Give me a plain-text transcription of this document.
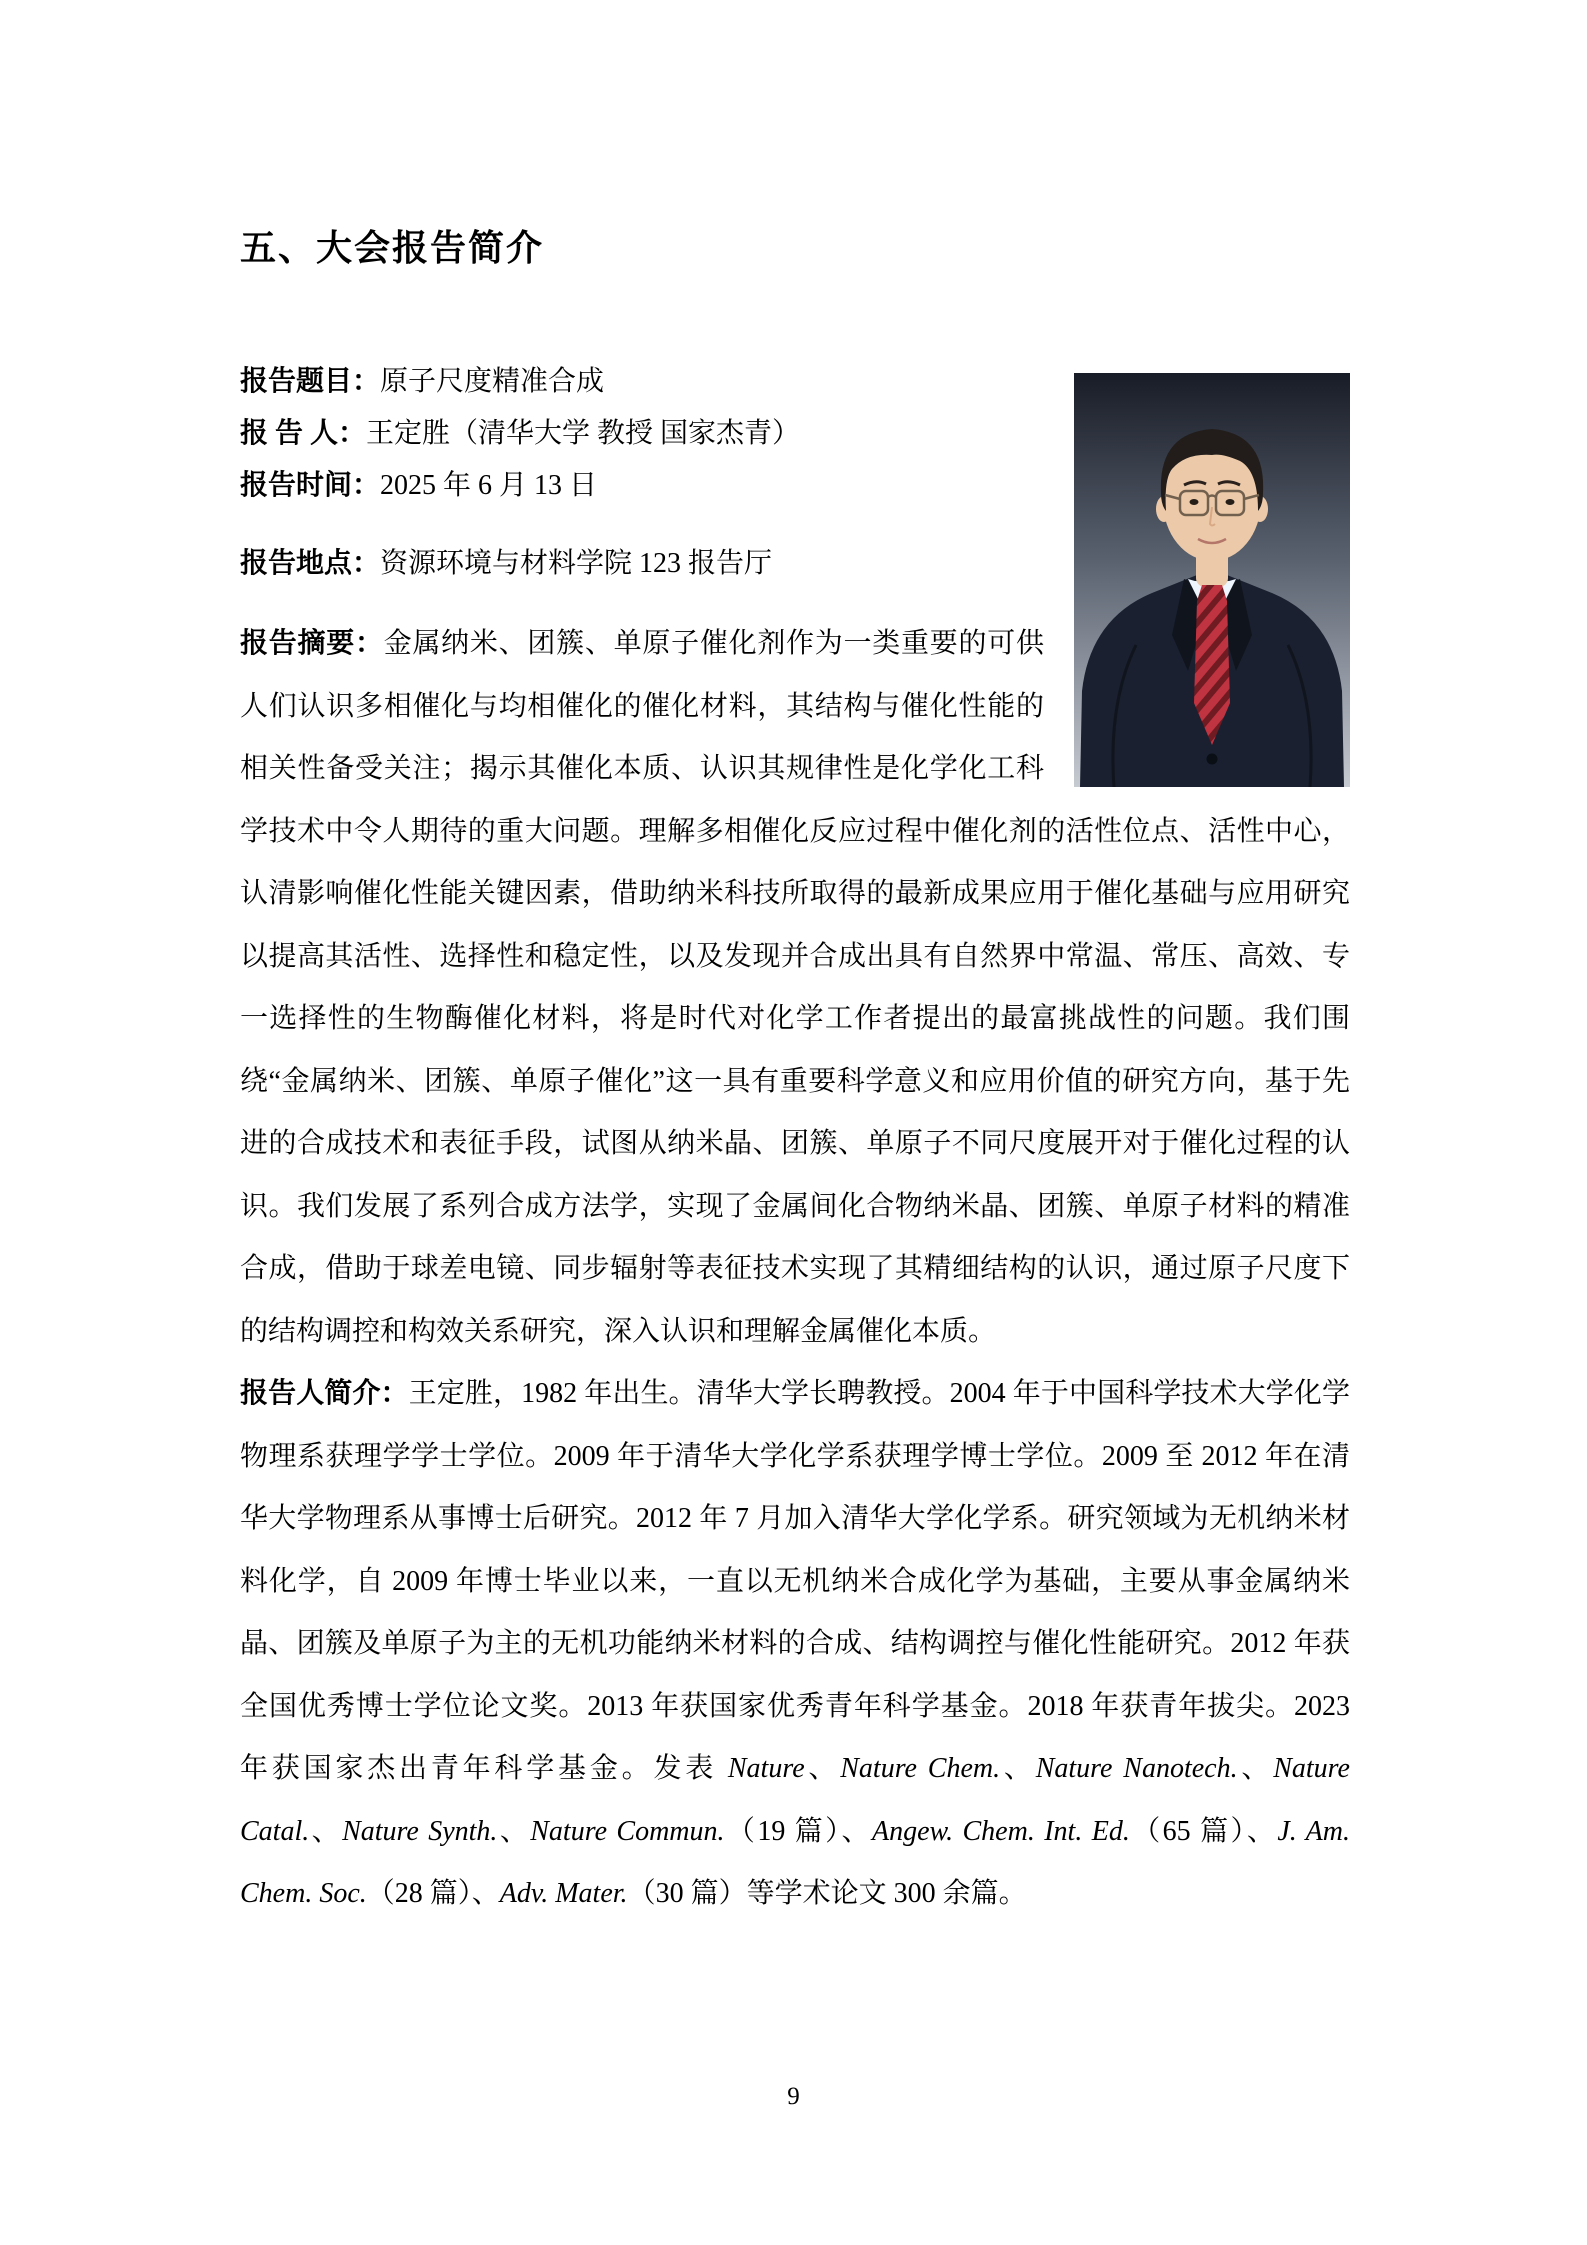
五、大会报告简介

报告题目：原子尺度精准合成

报 告 人：王定胜（清华大学 教授 国家杰青）

报告时间：2025 年 6 月 13 日

报告地点：资源环境与材料学院 123 报告厅

报告摘要：金属纳米、团簇、单原子催化剂作为一类重要的可供人们认识多相催化与均相催化的催化材料，其结构与催化性能的相关性备受关注；揭示其催化本质、认识其规律性是化学化工科学技术中令人期待的重大问题。理解多相催化反应过程中催化剂的活性位点、活性中心，认清影响催化性能关键因素，借助纳米科技所取得的最新成果应用于催化基础与应用研究以提高其活性、选择性和稳定性，以及发现并合成出具有自然界中常温、常压、高效、专一选择性的生物酶催化材料，将是时代对化学工作者提出的最富挑战性的问题。我们围绕“金属纳米、团簇、单原子催化”这一具有重要科学意义和应用价值的研究方向，基于先进的合成技术和表征手段，试图从纳米晶、团簇、单原子不同尺度展开对于催化过程的认识。我们发展了系列合成方法学，实现了金属间化合物纳米晶、团簇、单原子材料的精准合成，借助于球差电镜、同步辐射等表征技术实现了其精细结构的认识，通过原子尺度下的结构调控和构效关系研究，深入认识和理解金属催化本质。

报告人简介：王定胜，1982 年出生。清华大学长聘教授。2004 年于中国科学技术大学化学物理系获理学学士学位。2009 年于清华大学化学系获理学博士学位。2009 至 2012 年在清华大学物理系从事博士后研究。2012 年 7 月加入清华大学化学系。研究领域为无机纳米材料化学，自 2009 年博士毕业以来，一直以无机纳米合成化学为基础，主要从事金属纳米晶、团簇及单原子为主的无机功能纳米材料的合成、结构调控与催化性能研究。2012 年获全国优秀博士学位论文奖。2013 年获国家优秀青年科学基金。2018 年获青年拔尖。2023 年获国家杰出青年科学基金。发表 Nature、Nature Chem.、Nature Nanotech.、Nature Catal.、Nature Synth.、Nature Commun.（19 篇）、Angew. Chem. Int. Ed.（65 篇）、J. Am. Chem. Soc.（28 篇）、Adv. Mater.（30 篇）等学术论文 300 余篇。

9
